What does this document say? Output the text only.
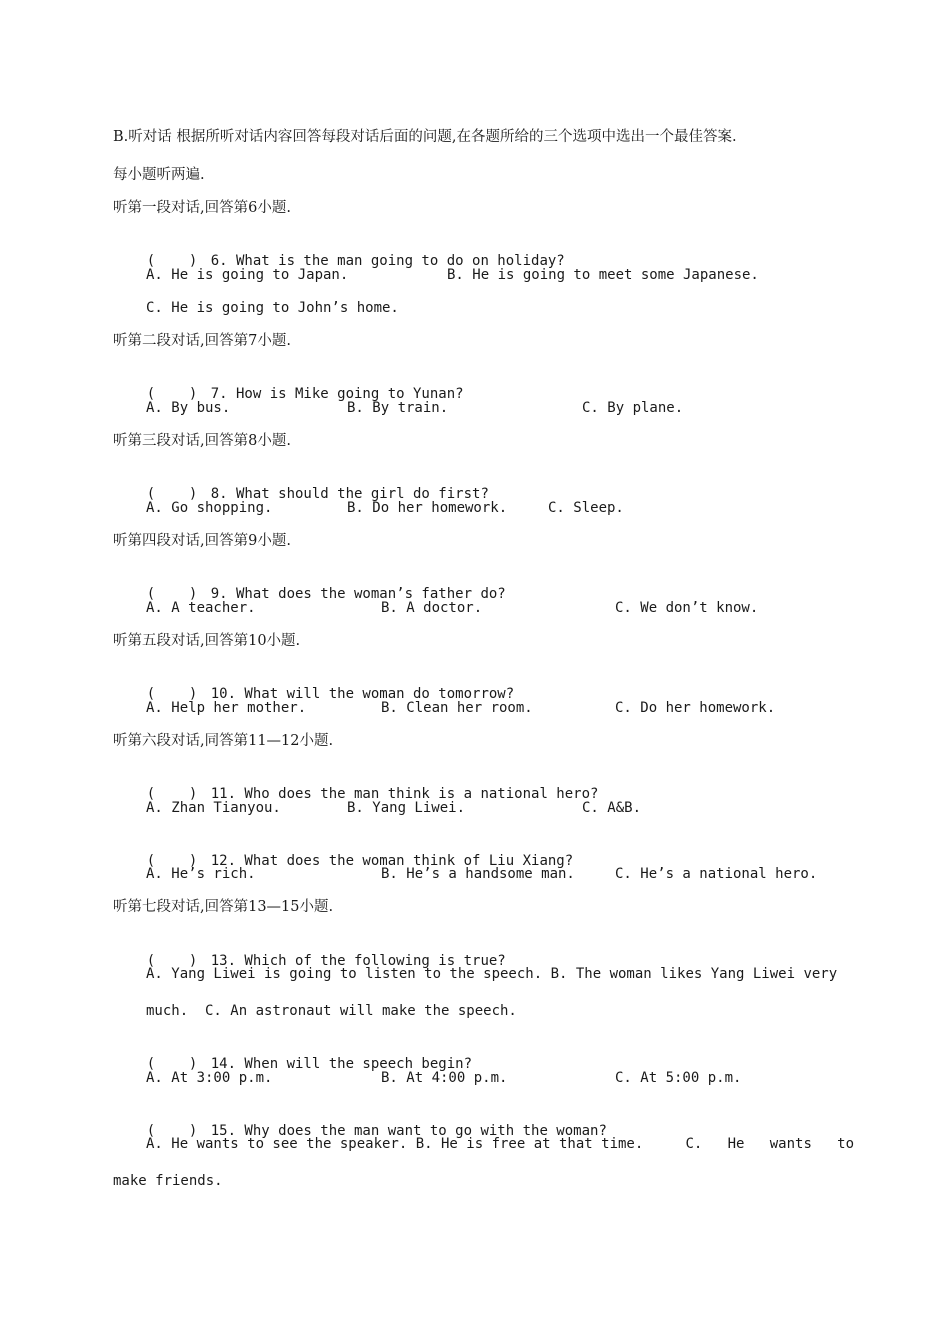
B.听对话 根据所听对话内容回答每段对话后面的问题,在各题所给的三个选项中选出一个最佳答案.
每小题听两遍.
听第一段对话,回答第6小题.

(    ) 6. What is the man going to do on holiday?

A. He is going to Japan.	B. He is going to meet some Japanese.
C. He is going to John’s home.
听第二段对话,回答第7小题.

(    ) 7. How is Mike going to Yunan?

A. By bus.	B. By train.	C. By plane.
听第三段对话,回答第8小题.

(    ) 8. What should the girl do first?

A. Go shopping.	B. Do her homework.	C. Sleep.
听第四段对话,回答第9小题.

(    ) 9. What does the woman’s father do?

A. A teacher.	B. A doctor.	C. We don’t know.
听第五段对话,回答第10小题.

(    ) 10. What will the woman do tomorrow?

A. Help her mother.	B. Clean her room.	C. Do her homework.
听第六段对话,同答第11—12小题.

(    ) 11. Who does the man think is a national hero?

A. Zhan Tianyou.	B. Yang Liwei.	C. A&B.

(    ) 12. What does the woman think of Liu Xiang?

A. He’s rich.	B. He’s a handsome man.	C. He’s a national hero.
听第七段对话,回答第13—15小题.

(    ) 13. Which of the following is true?

A. Yang Liwei is going to listen to the speech. B. The woman likes Yang Liwei very
much.  C. An astronaut will make the speech.

(    ) 14. When will the speech begin?

A. At 3:00 p.m.	B. At 4:00 p.m.	C. At 5:00 p.m.

(    ) 15. Why does the man want to go with the woman?

A. He wants to see the speaker. B. He is free at that time.     C.   He   wants   to
make friends.
